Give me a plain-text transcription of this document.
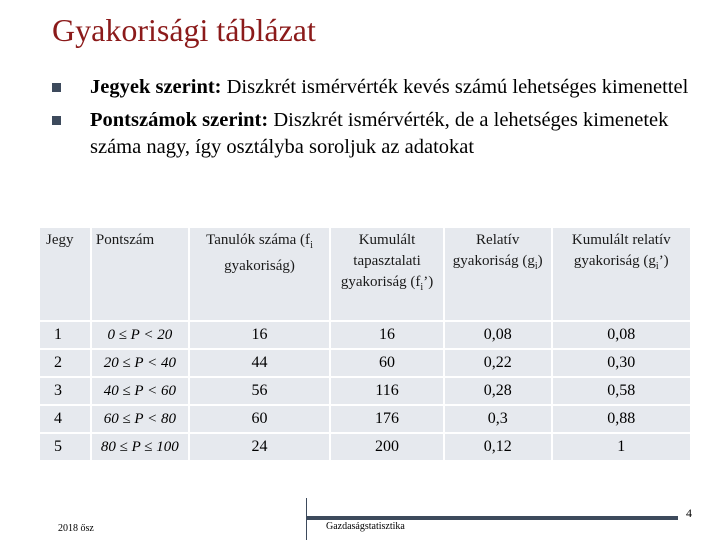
Gyakorisági táblázat
Jegyek szerint: Diszkrét ismérvérték kevés számú lehetséges kimenettel
Pontszámok szerint: Diszkrét ismérvérték, de a lehetséges kimenetek száma nagy, így osztályba soroljuk az adatokat
Jegy	Pontszám	Tanulók száma ($f_i$ gyakoriság)	Kumulált tapasztalati gyakoriság $(f_i’)$	Relatív gyakoriság $(g_i)$	Kumulált relatív gyakoriság $(g_i’)$
1	0 ≤ P < 20	16	16	0,08	0,08
2	20 ≤ P < 40	44	60	0,22	0,30
3	40 ≤ P < 60	56	116	0,28	0,58
4	60 ≤ P < 80	60	176	0,3	0,88
5	80 ≤ P ≤ 100	24	200	0,12	1
4
2018 ősz	Gazdaságstatisztika
